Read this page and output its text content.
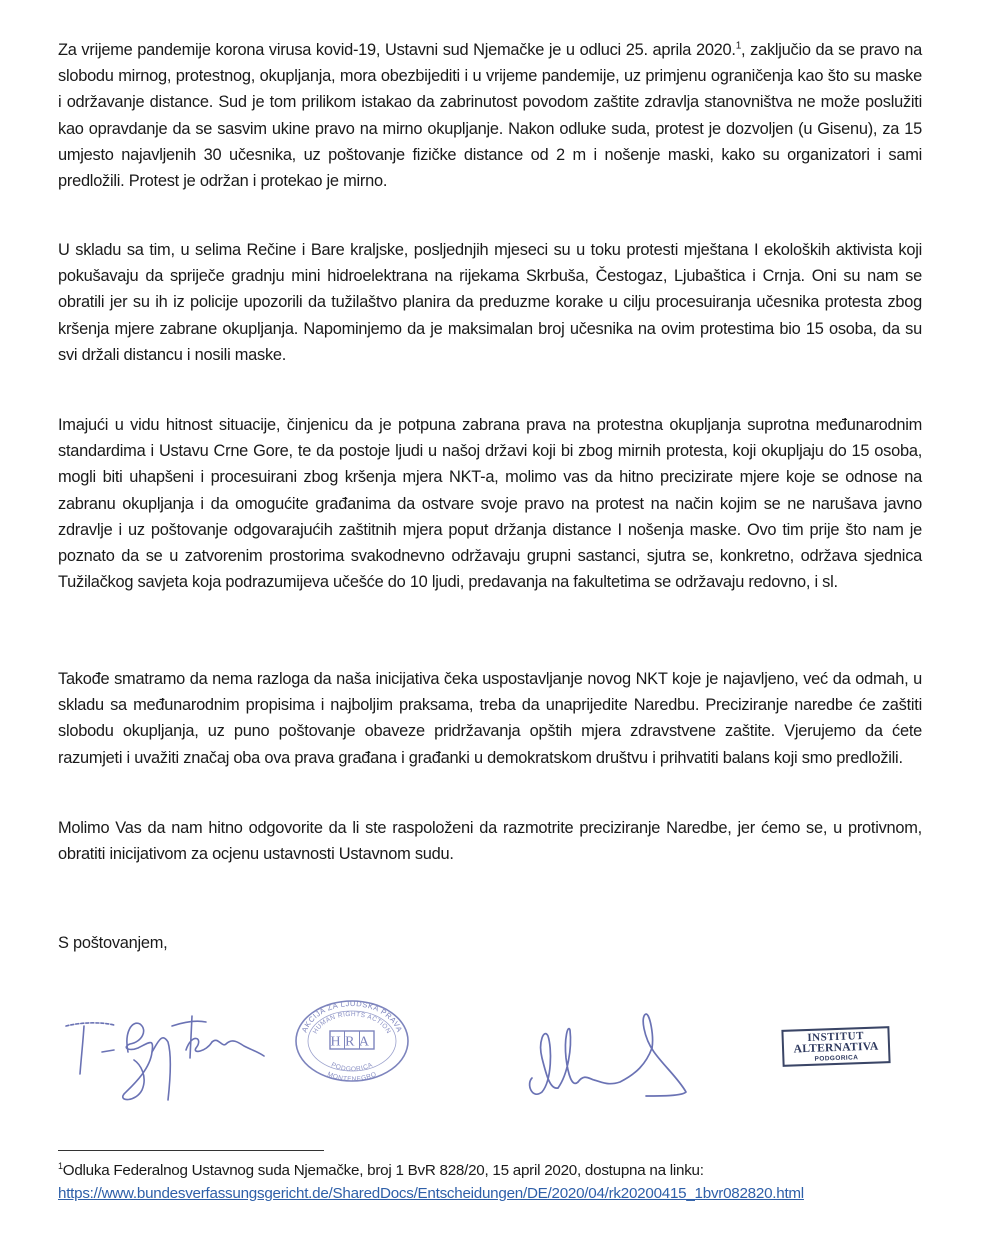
Za vrijeme pandemije korona virusa kovid-19, Ustavni sud Njemačke je u odluci 25. aprila 2020.$^1$, zaključio da se pravo na slobodu mirnog, protestnog, okupljanja, mora obezbijediti i u vrijeme pandemije, uz primjenu ograničenja kao što su maske i održavanje distance. Sud je tom prilikom istakao da zabrinutost povodom zaštite zdravlja stanovništva ne može poslužiti kao opravdanje da se sasvim ukine pravo na mirno okupljanje. Nakon odluke suda, protest je dozvoljen (u Gisenu), za 15 umjesto najavljenih 30 učesnika, uz poštovanje fizičke distance od 2 m i nošenje maski, kako su organizatori i sami predložili. Protest je održan i protekao je mirno.

U skladu sa tim, u selima Rečine i Bare kraljske, posljednjih mjeseci su u toku protesti mještana I ekoloških aktivista koji pokušavaju da spriječe gradnju mini hidroelektrana na rijekama Skrbuša, Čestogaz, Ljubaštica i Crnja. Oni su nam se obratili jer su ih iz policije upozorili da tužilaštvo planira da preduzme korake u cilju procesuiranja učesnika protesta zbog kršenja mjere zabrane okupljanja. Napominjemo da je maksimalan broj učesnika na ovim protestima bio 15 osoba, da su svi držali distancu i nosili maske.

Imajući u vidu hitnost situacije, činjenicu da je potpuna zabrana prava na protestna okupljanja suprotna međunarodnim standardima i Ustavu Crne Gore, te da postoje ljudi u našoj državi koji bi zbog mirnih protesta, koji okupljaju do 15 osoba, mogli biti uhapšeni i procesuirani zbog kršenja mjera NKT-a, molimo vas da hitno precizirate mjere koje se odnose na zabranu okupljanja i da omogućite građanima da ostvare svoje pravo na protest na način kojim se ne narušava javno zdravlje i uz poštovanje odgovarajućih zaštitnih mjera poput držanja distance I nošenja maske. Ovo tim prije što nam je poznato da se u zatvorenim prostorima svakodnevno održavaju grupni sastanci, sjutra se, konkretno, održava sjednica Tužilačkog savjeta koja podrazumijeva učešće do 10 ljudi, predavanja na fakultetima se održavaju redovno, i sl.

Takođe smatramo da nema razloga da naša inicijativa čeka uspostavljanje novog NKT koje je najavljeno, već da odmah, u skladu sa međunarodnim propisima i najboljim praksama, treba da unaprijedite Naredbu. Preciziranje naredbe će zaštiti slobodu okupljanja, uz puno poštovanje obaveze pridržavanja opštih mjera zdravstvene zaštite. Vjerujemo da ćete razumjeti i uvažiti značaj oba ova prava građana i građanki u demokratskom društvu i prihvatiti balans koji smo predložili.

Molimo Vas da nam hitno odgovorite da li ste raspoloženi da razmotrite preciziranje Naredbe, jer ćemo se, u protivnom, obratiti inicijativom za ocjenu ustavnosti Ustavnom sudu.

S poštovanjem,
AKCIJA ZA LJUDSKA PRAVA
HUMAN RIGHTS ACTION
PODGORICA
MONTENEGRO
HRA	INSTITUT
ALTERNATIVA
PODGORICA

$^1$Odluka Federalnog Ustavnog suda Njemačke, broj 1 BvR 828/20, 15 april 2020, dostupna na linku:
https://www.bundesverfassungsgericht.de/SharedDocs/Entscheidungen/DE/2020/04/rk20200415_1bvr082820.html
